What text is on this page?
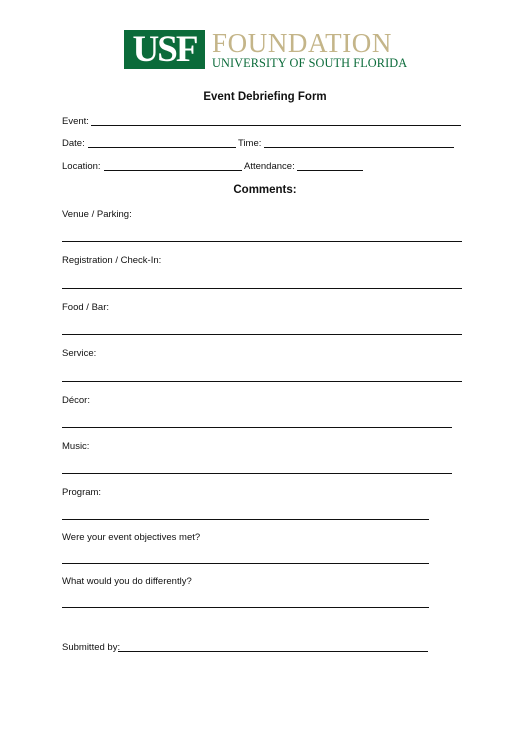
USF FOUNDATION
UNIVERSITY OF SOUTH FLORIDA
Event Debriefing Form
Event:
Date:	Time:
Location:	Attendance:
Comments:
Venue / Parking:
Registration / Check-In:
Food / Bar:
Service:
Décor:
Music:
Program:
Were your event objectives met?
What would you do differently?
Submitted by:
